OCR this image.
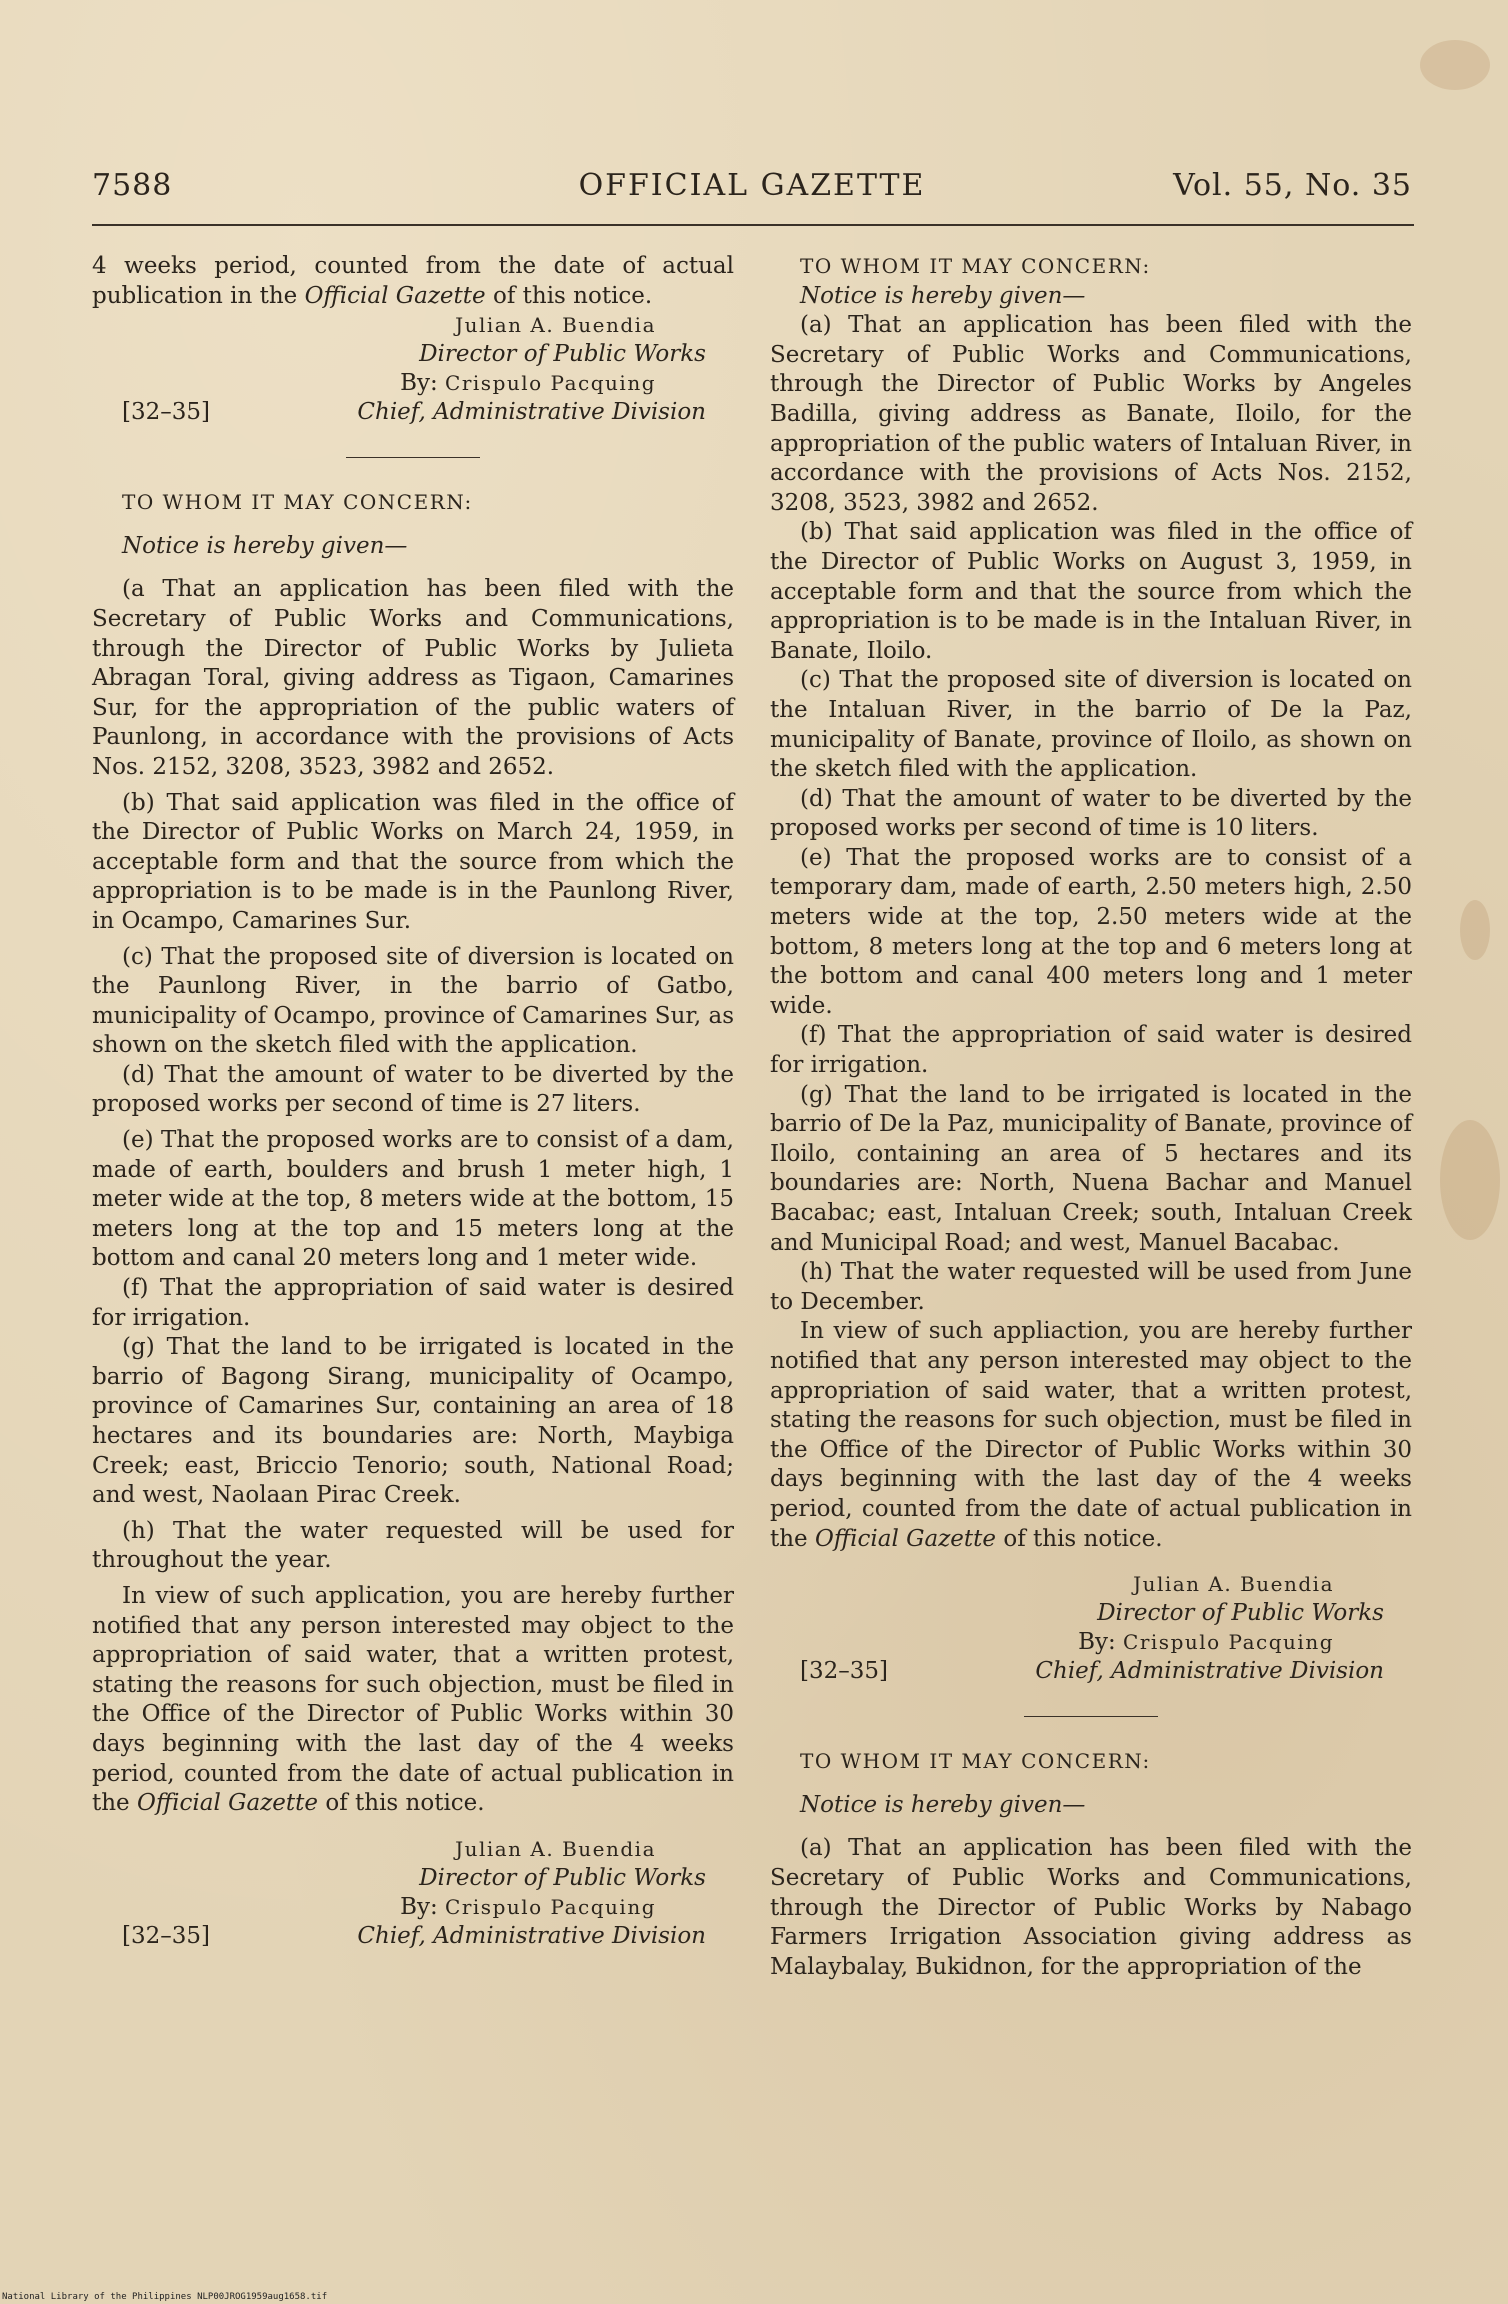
7588	OFFICIAL GAZETTE	Vol. 55, No. 35

4 weeks period, counted from the date of actual publication in the Official Gazette of this notice.

Julian A. Buendia
Director of Public Works
By: Crispulo Pacquing
[32–35]	Chief, Administrative Division

TO WHOM IT MAY CONCERN:

Notice is hereby given—

(a That an application has been filed with the Secretary of Public Works and Communications, through the Director of Public Works by Julieta Abragan Toral, giving address as Tigaon, Camarines Sur, for the appropriation of the public waters of Paunlong, in accordance with the provisions of Acts Nos. 2152, 3208, 3523, 3982 and 2652.

(b) That said application was filed in the office of the Director of Public Works on March 24, 1959, in acceptable form and that the source from which the appropriation is to be made is in the Paunlong River, in Ocampo, Camarines Sur.

(c) That the proposed site of diversion is located on the Paunlong River, in the barrio of Gatbo, municipality of Ocampo, province of Camarines Sur, as shown on the sketch filed with the application.

(d) That the amount of water to be diverted by the proposed works per second of time is 27 liters.

(e) That the proposed works are to consist of a dam, made of earth, boulders and brush 1 meter high, 1 meter wide at the top, 8 meters wide at the bottom, 15 meters long at the top and 15 meters long at the bottom and canal 20 meters long and 1 meter wide.

(f) That the appropriation of said water is desired for irrigation.

(g) That the land to be irrigated is located in the barrio of Bagong Sirang, municipality of Ocampo, province of Camarines Sur, containing an area of 18 hectares and its boundaries are: North, Maybiga Creek; east, Briccio Tenorio; south, National Road; and west, Naolaan Pirac Creek.

(h) That the water requested will be used for throughout the year.

In view of such application, you are hereby further notified that any person interested may object to the appropriation of said water, that a written protest, stating the reasons for such objection, must be filed in the Office of the Director of Public Works within 30 days beginning with the last day of the 4 weeks period, counted from the date of actual publication in the Official Gazette of this notice.

Julian A. Buendia
Director of Public Works
By: Crispulo Pacquing
[32–35]	Chief, Administrative Division

TO WHOM IT MAY CONCERN:

Notice is hereby given—

(a) That an application has been filed with the Secretary of Public Works and Communications, through the Director of Public Works by Angeles Badilla, giving address as Banate, Iloilo, for the appropriation of the public waters of Intaluan River, in accordance with the provisions of Acts Nos. 2152, 3208, 3523, 3982 and 2652.

(b) That said application was filed in the office of the Director of Public Works on August 3, 1959, in acceptable form and that the source from which the appropriation is to be made is in the Intaluan River, in Banate, Iloilo.

(c) That the proposed site of diversion is located on the Intaluan River, in the barrio of De la Paz, municipality of Banate, province of Iloilo, as shown on the sketch filed with the application.

(d) That the amount of water to be diverted by the proposed works per second of time is 10 liters.

(e) That the proposed works are to consist of a temporary dam, made of earth, 2.50 meters high, 2.50 meters wide at the top, 2.50 meters wide at the bottom, 8 meters long at the top and 6 meters long at the bottom and canal 400 meters long and 1 meter wide.

(f) That the appropriation of said water is desired for irrigation.

(g) That the land to be irrigated is located in the barrio of De la Paz, municipality of Banate, province of Iloilo, containing an area of 5 hectares and its boundaries are: North, Nuena Bachar and Manuel Bacabac; east, Intaluan Creek; south, Intaluan Creek and Municipal Road; and west, Manuel Bacabac.

(h) That the water requested will be used from June to December.

In view of such appliaction, you are hereby further notified that any person interested may object to the appropriation of said water, that a written protest, stating the reasons for such objection, must be filed in the Office of the Director of Public Works within 30 days beginning with the last day of the 4 weeks period, counted from the date of actual publication in the Official Gazette of this notice.

Julian A. Buendia
Director of Public Works
By: Crispulo Pacquing
[32–35]	Chief, Administrative Division

TO WHOM IT MAY CONCERN:

Notice is hereby given—

(a) That an application has been filed with the Secretary of Public Works and Communications, through the Director of Public Works by Nabago Farmers Irrigation Association giving address as Malaybalay, Bukidnon, for the appropriation of the

National Library of the Philippines NLP00JROG1959aug1658.tif
